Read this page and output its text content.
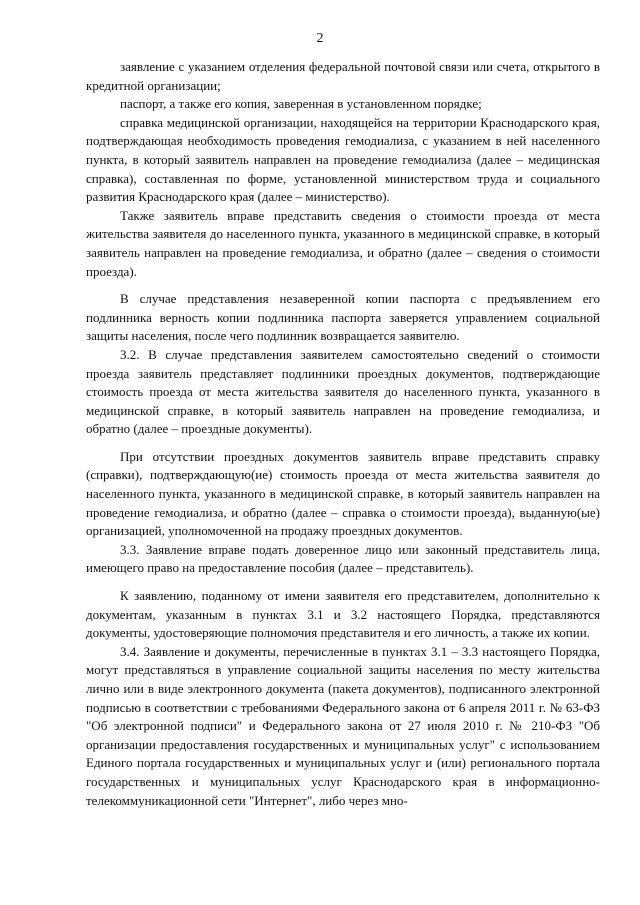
2

заявление с указанием отделения федеральной почтовой связи или счета, открытого в кредитной организации;

паспорт, а также его копия, заверенная в установленном порядке;

справка медицинской организации, находящейся на территории Краснодарского края, подтверждающая необходимость проведения гемодиализа, с указанием в ней населенного пункта, в который заявитель направлен на проведение гемодиализа (далее – медицинская справка), составленная по форме, установленной министерством труда и социального развития Краснодарского края (далее – министерство).

Также заявитель вправе представить сведения о стоимости проезда от места жительства заявителя до населенного пункта, указанного в медицинской справке, в который заявитель направлен на проведение гемодиализа, и обратно (далее – сведения о стоимости проезда).

В случае представления незаверенной копии паспорта с предъявлением его подлинника верность копии подлинника паспорта заверяется управлением социальной защиты населения, после чего подлинник возвращается заявителю.

3.2. В случае представления заявителем самостоятельно сведений о стоимости проезда заявитель представляет подлинники проездных документов, подтверждающие стоимость проезда от места жительства заявителя до населенного пункта, указанного в медицинской справке, в который заявитель направлен на проведение гемодиализа, и обратно (далее – проездные документы).

При отсутствии проездных документов заявитель вправе представить справку (справки), подтверждающую(ие) стоимость проезда от места жительства заявителя до населенного пункта, указанного в медицинской справке, в который заявитель направлен на проведение гемодиализа, и обратно (далее – справка о стоимости проезда), выданную(ые) организацией, уполномоченной на продажу проездных документов.

3.3. Заявление вправе подать доверенное лицо или законный представитель лица, имеющего право на предоставление пособия (далее – представитель).

К заявлению, поданному от имени заявителя его представителем, дополнительно к документам, указанным в пунктах 3.1 и 3.2 настоящего Порядка, представляются документы, удостоверяющие полномочия представителя и его личность, а также их копии.

3.4. Заявление и документы, перечисленные в пунктах 3.1 – 3.3 настоящего Порядка, могут представляться в управление социальной защиты населения по месту жительства лично или в виде электронного документа (пакета документов), подписанного электронной подписью в соответствии с требованиями Федерального закона от 6 апреля 2011 г. № 63-ФЗ "Об электронной подписи" и Федерального закона от 27 июля 2010 г. № 210-ФЗ "Об организации предоставления государственных и муниципальных услуг" с использованием Единого портала государственных и муниципальных услуг и (или) регионального портала государственных и муниципальных услуг Краснодарского края в информационно-телекоммуникационной сети "Интернет", либо через мно-
